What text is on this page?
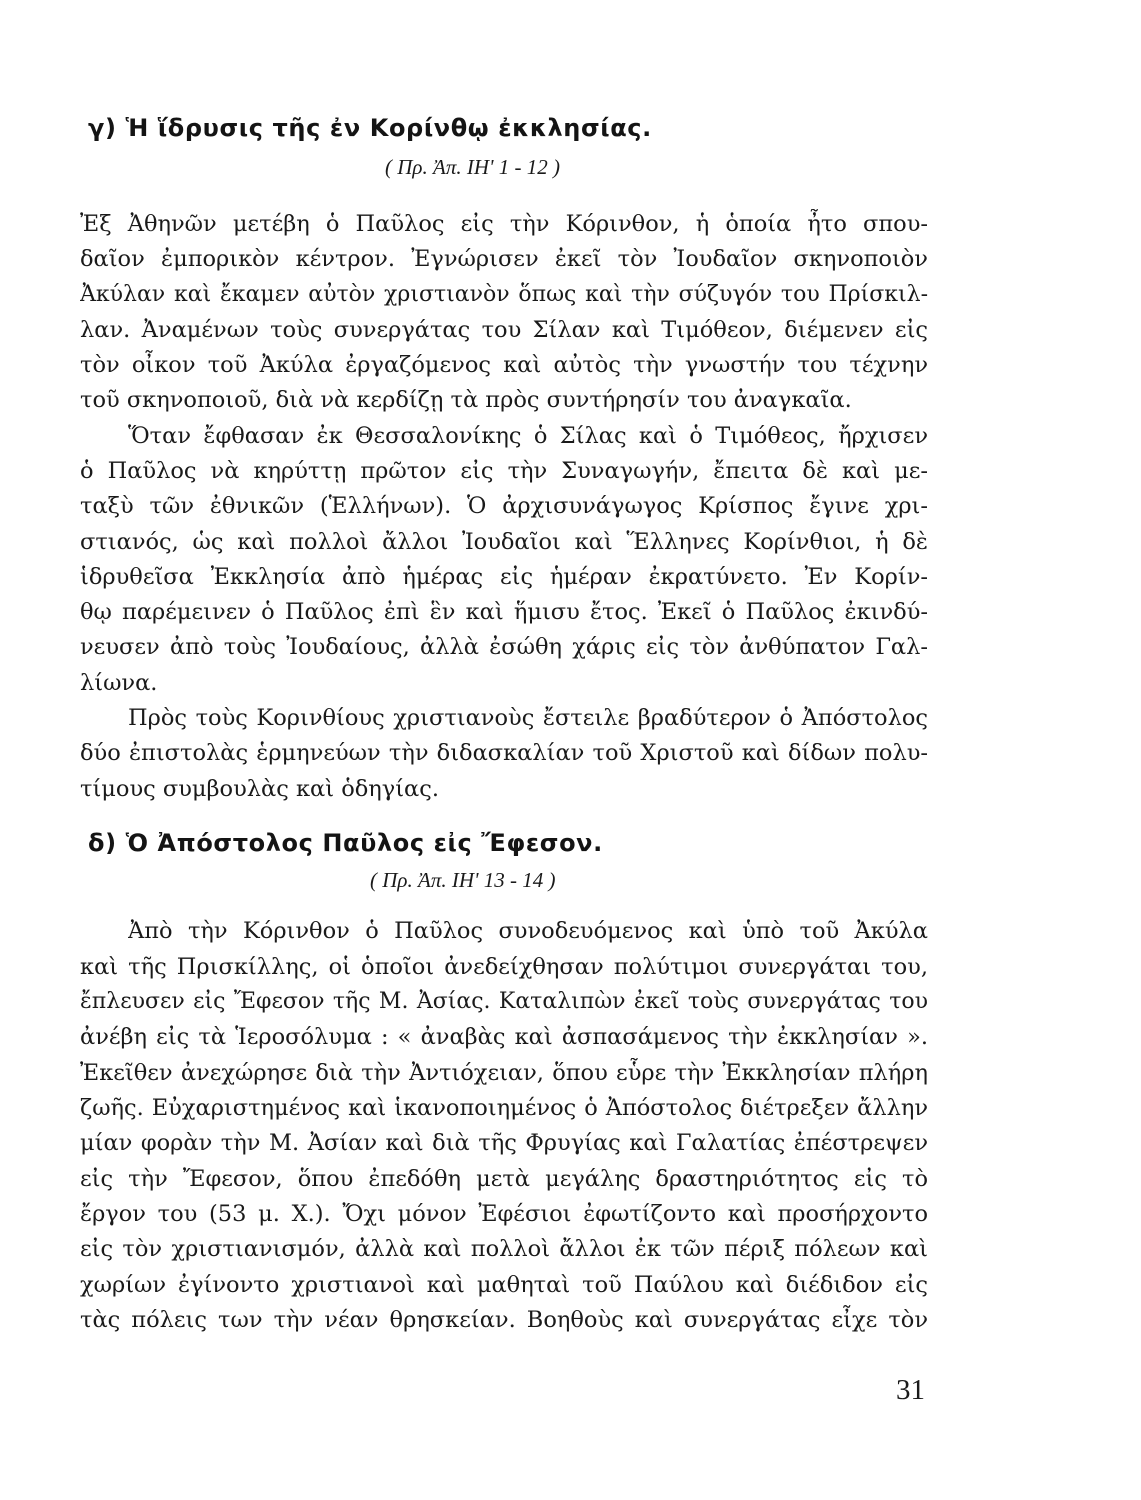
γ) Ἡ ἵδρυσις τῆς ἐν Κορίνθῳ ἐκκλησίας.
( Πρ. Ἀπ. ΙΗ' 1 - 12 )
Ἐξ Ἀθηνῶν μετέβη ὁ Παῦλος εἰς τὴν Κόρινθον, ἡ ὁποία ἦτο σπου-
δαῖον ἐμπορικὸν κέντρον. Ἐγνώρισεν ἐκεῖ τὸν Ἰουδαῖον σκηνοποιὸν
Ἀκύλαν καὶ ἔκαμεν αὐτὸν χριστιανὸν ὅπως καὶ τὴν σύζυγόν του Πρίσκιλ-
λαν. Ἀναμένων τοὺς συνεργάτας του Σίλαν καὶ Τιμόθεον, διέμενεν εἰς
τὸν οἶκον τοῦ Ἀκύλα ἐργαζόμενος καὶ αὐτὸς τὴν γνωστήν του τέχνην
τοῦ σκηνοποιοῦ, διὰ νὰ κερδίζῃ τὰ πρὸς συντήρησίν του ἀναγκαῖα.
Ὅταν ἔφθασαν ἐκ Θεσσαλονίκης ὁ Σίλας καὶ ὁ Τιμόθεος, ἤρχισεν
ὁ Παῦλος νὰ κηρύττῃ πρῶτον εἰς τὴν Συναγωγήν, ἔπειτα δὲ καὶ με-
ταξὺ τῶν ἐθνικῶν (Ἑλλήνων). Ὁ ἀρχισυνάγωγος Κρίσπος ἔγινε χρι-
στιανός, ὡς καὶ πολλοὶ ἄλλοι Ἰουδαῖοι καὶ Ἕλληνες Κορίνθιοι, ἡ δὲ
ἱδρυθεῖσα Ἐκκλησία ἀπὸ ἡμέρας εἰς ἡμέραν ἐκρατύνετο. Ἐν Κορίν-
θῳ παρέμεινεν ὁ Παῦλος ἐπὶ ἓν καὶ ἥμισυ ἔτος. Ἐκεῖ ὁ Παῦλος ἐκινδύ-
νευσεν ἀπὸ τοὺς Ἰουδαίους, ἀλλὰ ἐσώθη χάρις εἰς τὸν ἀνθύπατον Γαλ-
λίωνα.
Πρὸς τοὺς Κορινθίους χριστιανοὺς ἔστειλε βραδύτερον ὁ Ἀπόστολος
δύο ἐπιστολὰς ἑρμηνεύων τὴν διδασκαλίαν τοῦ Χριστοῦ καὶ δίδων πολυ-
τίμους συμβουλὰς καὶ ὁδηγίας.
δ) Ὁ Ἀπόστολος Παῦλος εἰς Ἔφεσον.
( Πρ. Ἀπ. ΙΗ' 13 - 14 )
Ἀπὸ τὴν Κόρινθον ὁ Παῦλος συνοδευόμενος καὶ ὑπὸ τοῦ Ἀκύλα
καὶ τῆς Πρισκίλλης, οἱ ὁποῖοι ἀνεδείχθησαν πολύτιμοι συνεργάται του,
ἔπλευσεν εἰς Ἔφεσον τῆς Μ. Ἀσίας. Καταλιπὼν ἐκεῖ τοὺς συνεργάτας του
ἀνέβη εἰς τὰ Ἱεροσόλυμα : « ἀναβὰς καὶ ἀσπασάμενος τὴν ἐκκλησίαν ».
Ἐκεῖθεν ἀνεχώρησε διὰ τὴν Ἀντιόχειαν, ὅπου εὗρε τὴν Ἐκκλησίαν πλήρη
ζωῆς. Εὐχαριστημένος καὶ ἱκανοποιημένος ὁ Ἀπόστολος διέτρεξεν ἄλλην
μίαν φορὰν τὴν Μ. Ἀσίαν καὶ διὰ τῆς Φρυγίας καὶ Γαλατίας ἐπέστρεψεν
εἰς τὴν Ἔφεσον, ὅπου ἐπεδόθη μετὰ μεγάλης δραστηριότητος εἰς τὸ
ἔργον του (53 μ. Χ.). Ὄχι μόνον Ἐφέσιοι ἐφωτίζοντο καὶ προσήρχοντο
εἰς τὸν χριστιανισμόν, ἀλλὰ καὶ πολλοὶ ἄλλοι ἐκ τῶν πέριξ πόλεων καὶ
χωρίων ἐγίνοντο χριστιανοὶ καὶ μαθηταὶ τοῦ Παύλου καὶ διέδιδον εἰς
τὰς πόλεις των τὴν νέαν θρησκείαν. Βοηθοὺς καὶ συνεργάτας εἶχε τὸν
31
